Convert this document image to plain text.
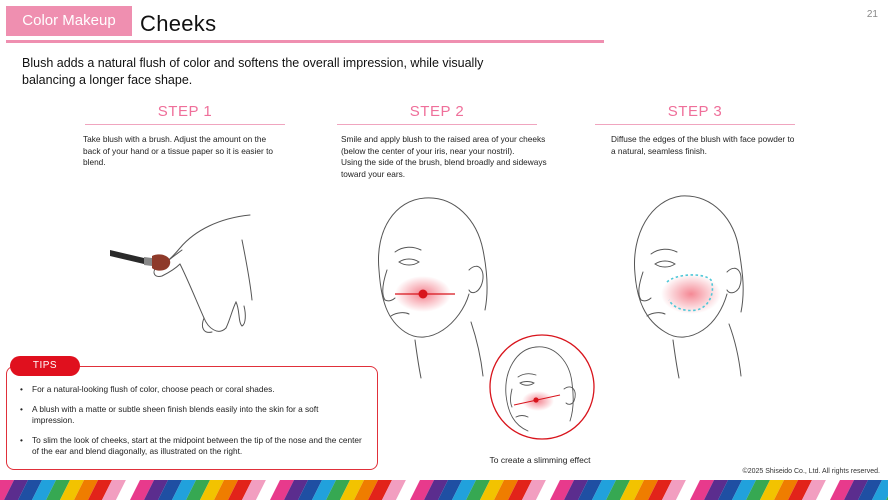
Color Makeup	Cheeks	21
Blush adds a natural flush of color and softens the overall impression, while visually balancing a longer face shape.
STEP 1
Take blush with a brush. Adjust the amount on the back of your hand or a tissue paper so it is easier to blend.
STEP 2
Smile and apply blush to the raised area of your cheeks (below the center of your iris, near your nostril).
Using the side of the brush, blend broadly and sideways toward your ears.
STEP 3
Diffuse the edges of the blush with face powder to a natural, seamless finish.
TIPS
• For a natural-looking flush of color, choose peach or coral shades.
• A blush with a matte or subtle sheen finish blends easily into the skin for a soft impression.
• To slim the look of cheeks, start at the midpoint between the tip of the nose and the center of the ear and blend diagonally, as illustrated on the right.
To create a slimming effect
©2025 Shiseido Co., Ltd. All rights reserved.
